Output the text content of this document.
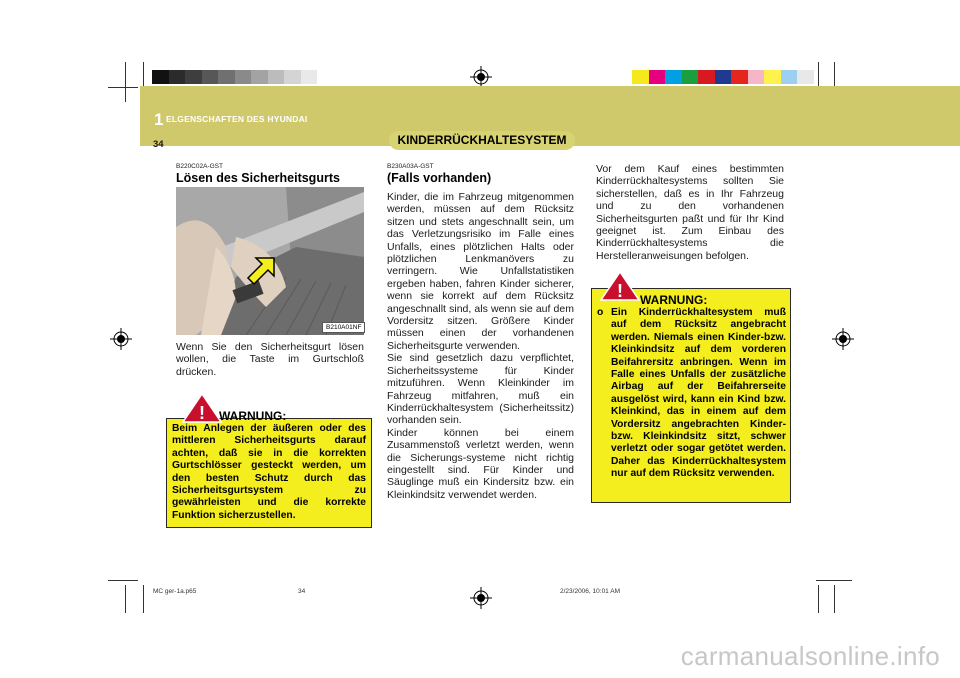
1 ELGENSCHAFTEN DES HYUNDAI
34	KINDERRÜCKHALTESYSTEM
B220C02A-GST
Lösen des Sicherheitsgurts
B210A01NF
Wenn Sie den Sicherheitsgurt lösen wollen, die Taste im Gurtschloß drücken.
WARNUNG:
Beim Anlegen der äußeren oder des mittleren Sicherheitsgurts darauf achten, daß sie in die korrekten Gurtschlösser gesteckt werden, um den besten Schutz durch das Sicherheitsgurtsystem zu gewährleisten und die korrekte Funktion sicherzustellen.
!
B230A03A-GST
(Falls vorhanden)
Kinder, die im Fahrzeug mitgenommen werden, müssen auf dem Rücksitz sitzen und stets angeschnallt sein, um das Verletzungsrisiko im Falle eines Unfalls, eines plötzlichen Halts oder plötzlichen Lenkmanövers zu verringern. Wie Unfallstatistiken ergeben haben, fahren Kinder sicherer, wenn sie korrekt auf dem Rücksitz angeschnallt sind, als wenn sie auf dem Vordersitz sitzen. Größere Kinder müssen einen der vorhandenen Sicherheitsgurte verwenden.
Sie sind gesetzlich dazu verpflichtet, Sicherheitssysteme für Kinder mitzuführen. Wenn Kleinkinder im Fahrzeug mitfahren, muß ein Kinderrückhaltesystem (Sicherheitssitz) vorhanden sein.
Kinder können bei einem Zusammenstoß verletzt werden, wenn die Sicherungs-systeme nicht richtig eingestellt sind. Für Kinder und Säuglinge muß ein Kindersitz bzw. ein Kleinkindsitz verwendet werden.
Vor dem Kauf eines bestimmten Kinderrückhaltesystems sollten Sie sicherstellen, daß es in Ihr Fahrzeug und zu den vorhandenen Sicherheitsgurten paßt und für Ihr Kind geeignet ist. Zum Einbau des Kinderrückhaltesystems die Herstelleranweisungen befolgen.
WARNUNG:
o Ein Kinderrückhaltesystem muß auf dem Rücksitz angebracht werden. Niemals einen Kinder-bzw. Kleinkindsitz auf dem vorderen Beifahrersitz anbringen. Wenn im Falle eines Unfalls der zusätzliche Airbag auf der Beifahrerseite ausgelöst wird, kann ein Kind bzw. Kleinkind, das in einem auf dem Vordersitz angebrachten Kinder- bzw. Kleinkindsitz sitzt, schwer verletzt oder sogar getötet werden. Daher das Kinderrückhaltesystem nur auf dem Rücksitz verwenden.
!
MC ger-1a.p65	34	2/23/2006, 10:01 AM
carmanualsonline.info
